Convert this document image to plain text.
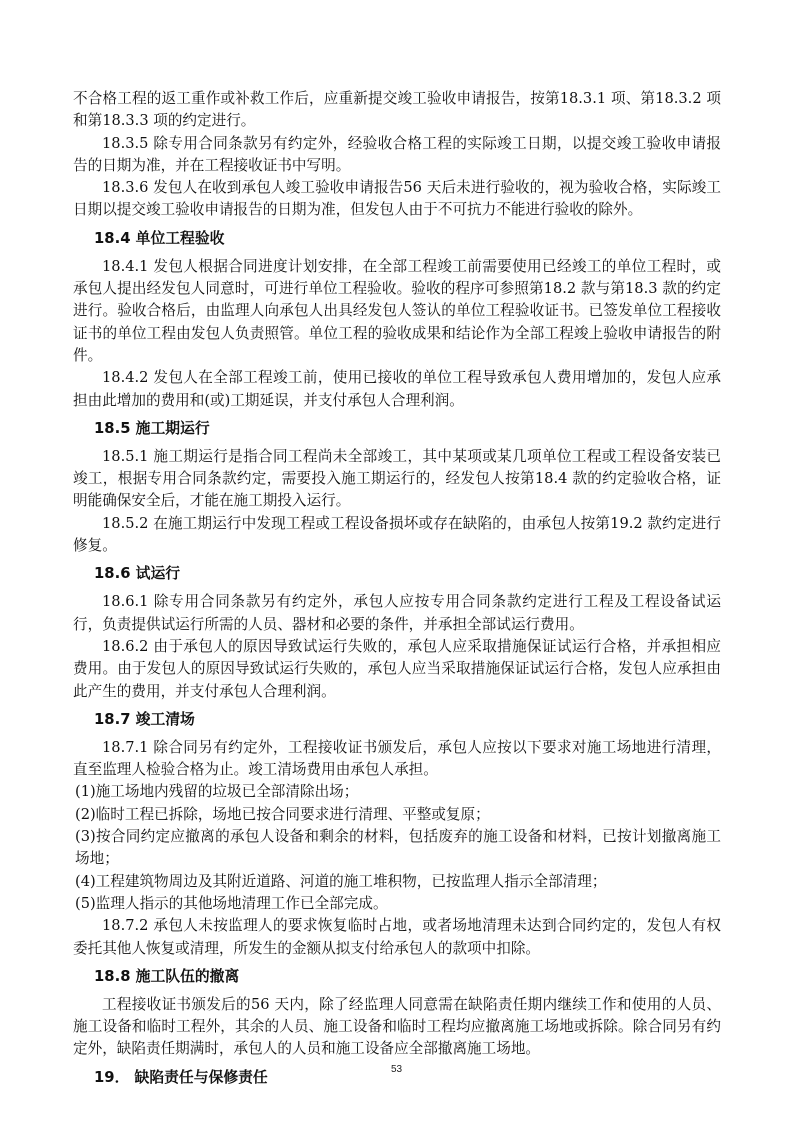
不合格工程的返工重作或补救工作后，应重新提交竣工验收申请报告，按第18.3.1 项、第18.3.2 项和第18.3.3 项的约定进行。

18.3.5 除专用合同条款另有约定外，经验收合格工程的实际竣工日期，以提交竣工验收申请报告的日期为准，并在工程接收证书中写明。

18.3.6 发包人在收到承包人竣工验收申请报告56 天后未进行验收的，视为验收合格，实际竣工日期以提交竣工验收申请报告的日期为准，但发包人由于不可抗力不能进行验收的除外。

18.4 单位工程验收

18.4.1 发包人根据合同进度计划安排，在全部工程竣工前需要使用已经竣工的单位工程时，或承包人提出经发包人同意时，可进行单位工程验收。验收的程序可参照第18.2 款与第18.3 款的约定进行。验收合格后，由监理人向承包人出具经发包人签认的单位工程验收证书。已签发单位工程接收证书的单位工程由发包人负责照管。单位工程的验收成果和结论作为全部工程竣上验收申请报告的附件。

18.4.2 发包人在全部工程竣工前，使用已接收的单位工程导致承包人费用增加的，发包人应承担由此增加的费用和(或)工期延误，并支付承包人合理利润。

18.5 施工期运行

18.5.1 施工期运行是指合同工程尚未全部竣工，其中某项或某几项单位工程或工程设备安装已竣工，根据专用合同条款约定，需要投入施工期运行的，经发包人按第18.4 款的约定验收合格，证明能确保安全后，才能在施工期投入运行。

18.5.2 在施工期运行中发现工程或工程设备损坏或存在缺陷的，由承包人按第19.2 款约定进行修复。

18.6 试运行

18.6.1 除专用合同条款另有约定外，承包人应按专用合同条款约定进行工程及工程设备试运行，负责提供试运行所需的人员、器材和必要的条件，并承担全部试运行费用。

18.6.2 由于承包人的原因导致试运行失败的，承包人应采取措施保证试运行合格，并承担相应费用。由于发包人的原因导致试运行失败的，承包人应当采取措施保证试运行合格，发包人应承担由此产生的费用，并支付承包人合理利润。

18.7 竣工清场

18.7.1 除合同另有约定外，工程接收证书颁发后，承包人应按以下要求对施工场地进行清理，直至监理人检验合格为止。竣工清场费用由承包人承担。

(1)施工场地内残留的垃圾已全部清除出场；

(2)临时工程已拆除，场地已按合同要求进行清理、平整或复原；

(3)按合同约定应撤离的承包人设备和剩余的材料，包括废弃的施工设备和材料，已按计划撤离施工场地；

(4)工程建筑物周边及其附近道路、河道的施工堆积物，已按监理人指示全部清理；

(5)监理人指示的其他场地清理工作已全部完成。

18.7.2 承包人未按监理人的要求恢复临时占地，或者场地清理未达到合同约定的，发包人有权委托其他人恢复或清理，所发生的金额从拟支付给承包人的款项中扣除。

18.8 施工队伍的撤离

工程接收证书颁发后的56 天内，除了经监理人同意需在缺陷责任期内继续工作和使用的人员、施工设备和临时工程外，其余的人员、施工设备和临时工程均应撤离施工场地或拆除。除合同另有约定外，缺陷责任期满时，承包人的人员和施工设备应全部撤离施工场地。

19． 缺陷责任与保修责任	53
